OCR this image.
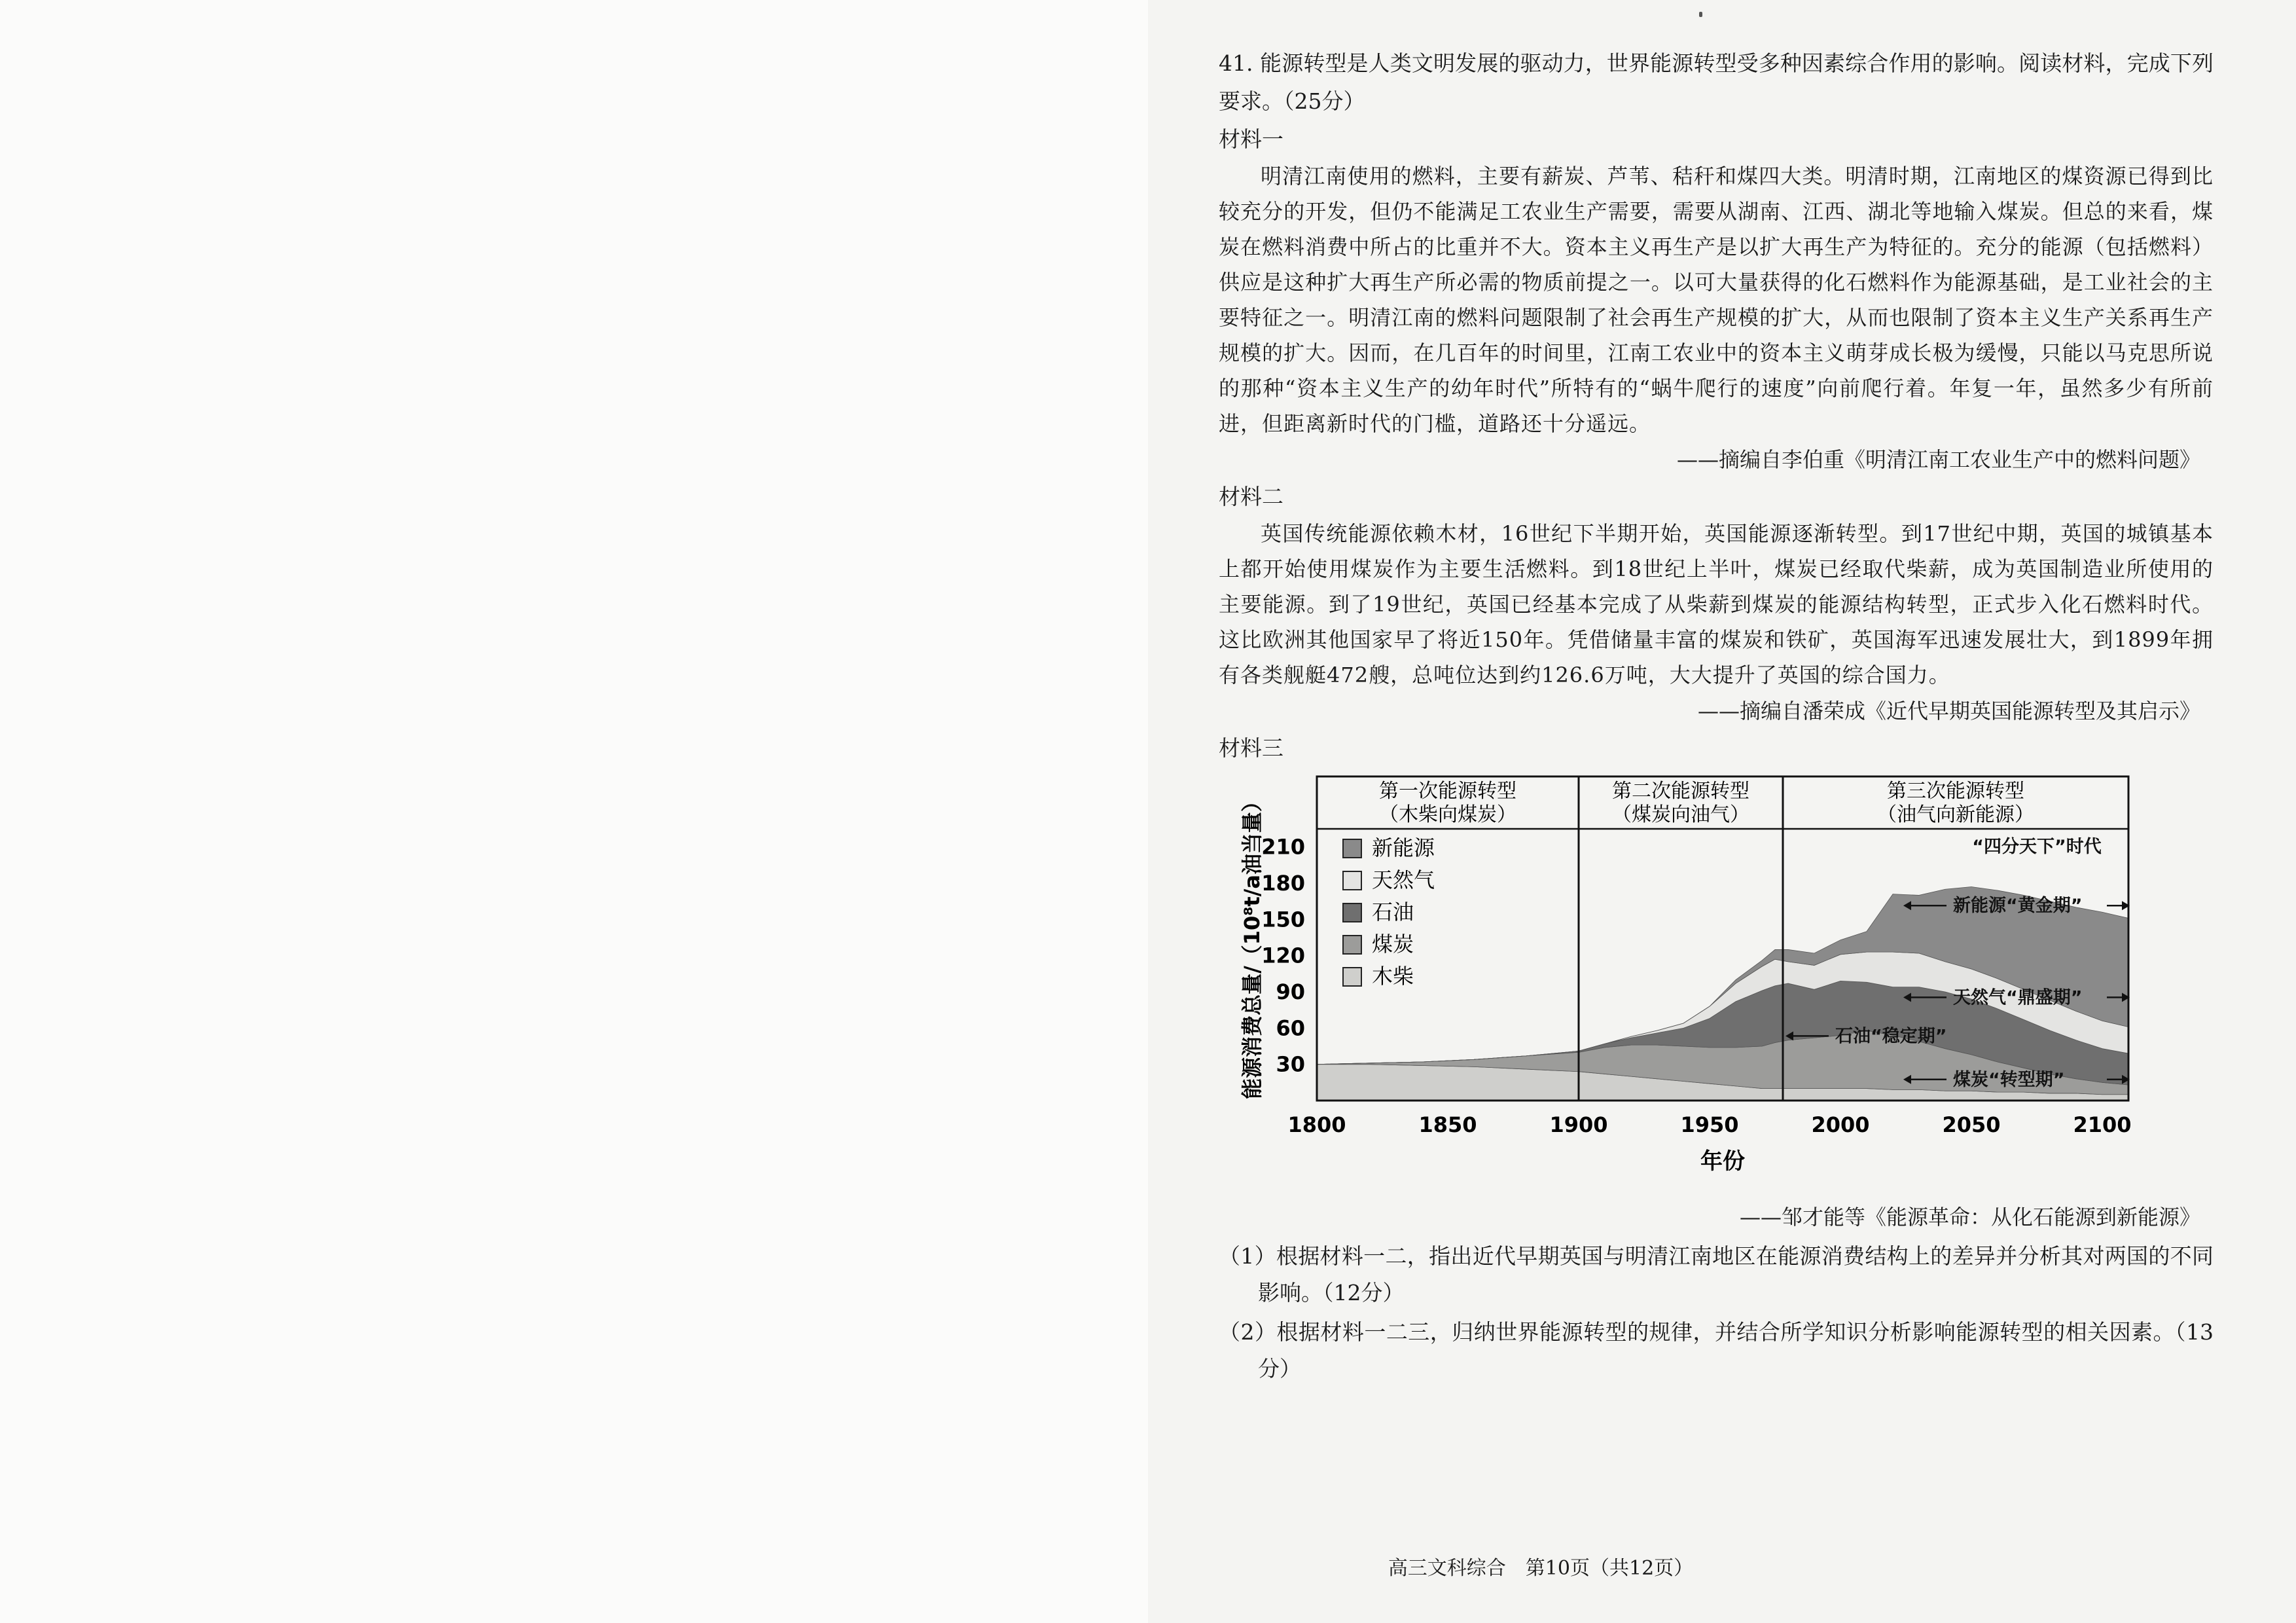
41. 能源转型是人类文明发展的驱动力，世界能源转型受多种因素综合作用的影响。阅读材料，完成下列要求。（25分）
材料一
明清江南使用的燃料，主要有薪炭、芦苇、秸秆和煤四大类。明清时期，江南地区的煤资源已得到比较充分的开发，但仍不能满足工农业生产需要，需要从湖南、江西、湖北等地输入煤炭。但总的来看，煤炭在燃料消费中所占的比重并不大。资本主义再生产是以扩大再生产为特征的。充分的能源（包括燃料）供应是这种扩大再生产所必需的物质前提之一。以可大量获得的化石燃料作为能源基础，是工业社会的主要特征之一。明清江南的燃料问题限制了社会再生产规模的扩大，从而也限制了资本主义生产关系再生产规模的扩大。因而，在几百年的时间里，江南工农业中的资本主义萌芽成长极为缓慢，只能以马克思所说的那种“资本主义生产的幼年时代”所特有的“蜗牛爬行的速度”向前爬行着。年复一年，虽然多少有所前进，但距离新时代的门槛，道路还十分遥远。
——摘编自李伯重《明清江南工农业生产中的燃料问题》
材料二
英国传统能源依赖木材，16世纪下半期开始，英国能源逐渐转型。到17世纪中期，英国的城镇基本上都开始使用煤炭作为主要生活燃料。到18世纪上半叶，煤炭已经取代柴薪，成为英国制造业所使用的主要能源。到了19世纪，英国已经基本完成了从柴薪到煤炭的能源结构转型，正式步入化石燃料时代。这比欧洲其他国家早了将近150年。凭借储量丰富的煤炭和铁矿，英国海军迅速发展壮大，到1899年拥有各类舰艇472艘，总吨位达到约126.6万吨，大大提升了英国的综合国力。
——摘编自潘荣成《近代早期英国能源转型及其启示》
材料三
第一次能源转型
（木柴向煤炭）
第二次能源转型
（煤炭向油气）
第三次能源转型
（油气向新能源）
30
60
90
120
150
180
210
1800	1850	1900	1950	2000	2050	2100
年份
能源消费总量/（10⁸t/a油当量）	新能源
天然气
石油
煤炭
木柴
“四分天下”时代
新能源“黄金期”
天然气“鼎盛期”
石油“稳定期”
煤炭“转型期”
——邹才能等《能源革命：从化石能源到新能源》
（1）根据材料一二，指出近代早期英国与明清江南地区在能源消费结构上的差异并分析其对两国的不同影响。（12分）
（2）根据材料一二三，归纳世界能源转型的规律，并结合所学知识分析影响能源转型的相关因素。（13分）
高三文科综合　第10页（共12页）
